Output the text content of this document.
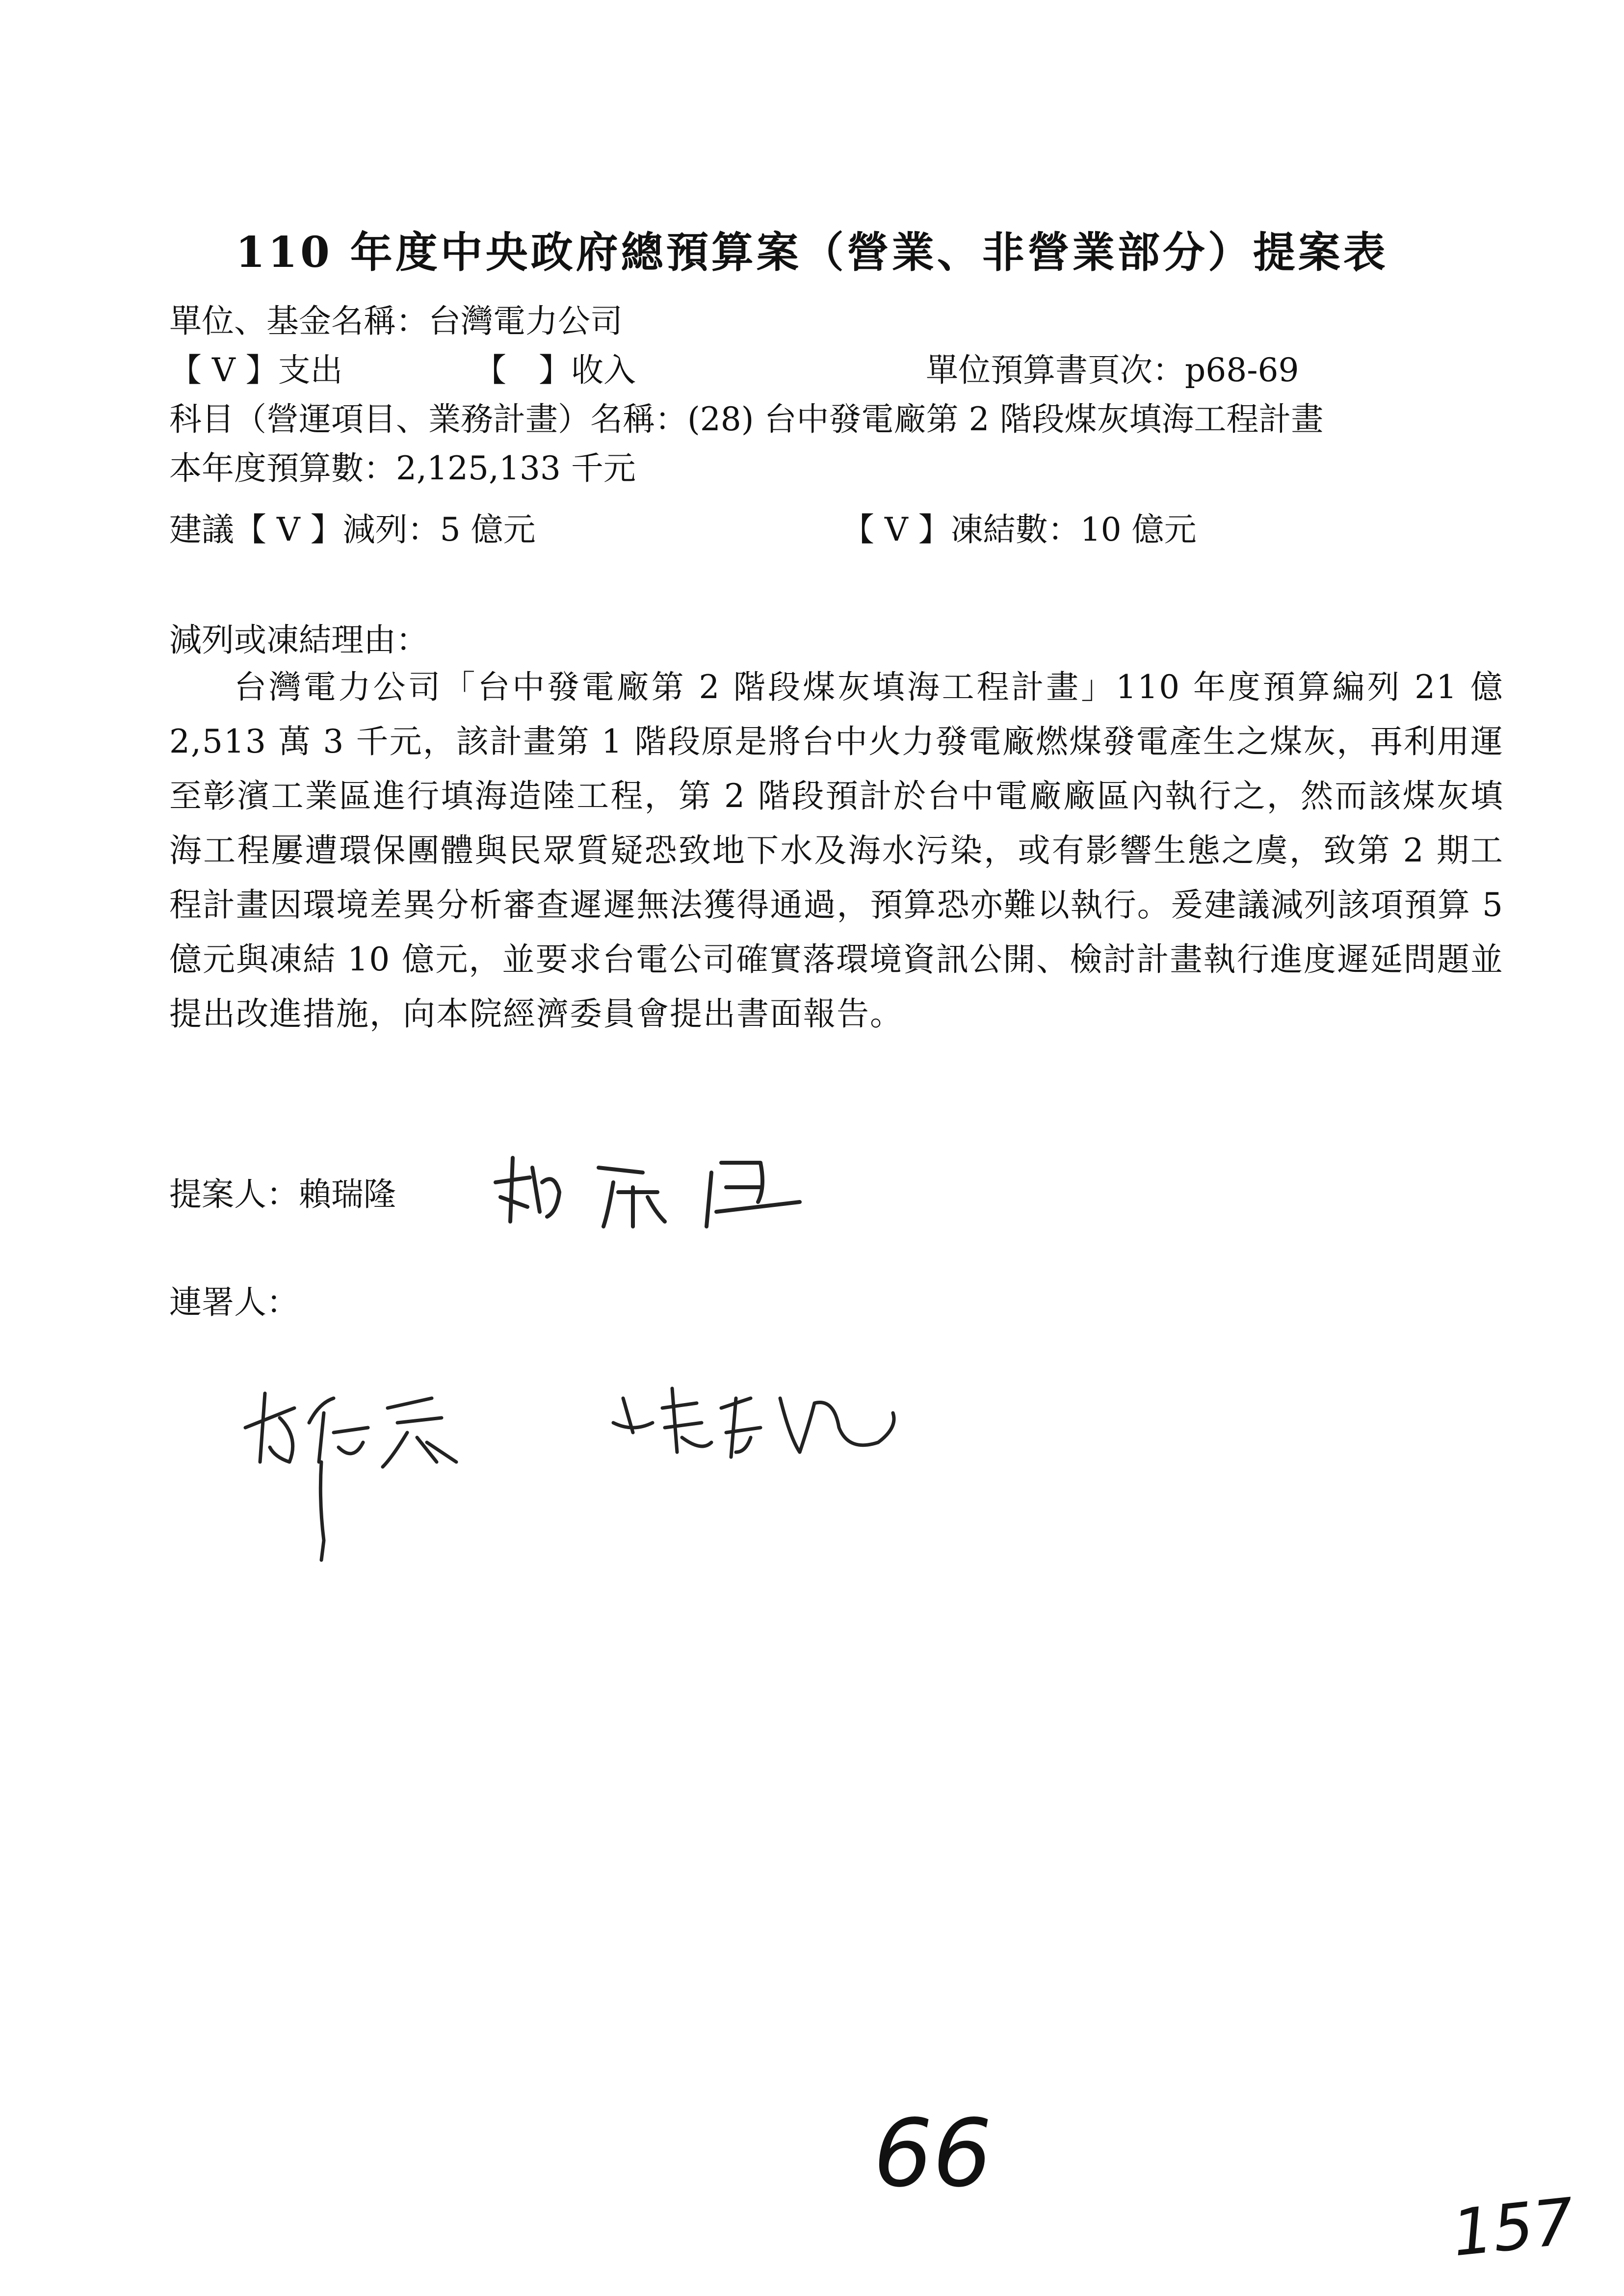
110 年度中央政府總預算案（營業、非營業部分）提案表
單位、基金名稱：台灣電力公司
【 V 】支出	【　】收入	單位預算書頁次：p68-69
科目（營運項目、業務計畫）名稱：(28) 台中發電廠第 2 階段煤灰填海工程計畫
本年度預算數：2,125,133 千元
建議【 V 】減列：5 億元	【 V 】凍結數：10 億元
減列或凍結理由：
台灣電力公司「台中發電廠第 2 階段煤灰填海工程計畫」110 年度預算編列 21 億 2,513 萬 3 千元，該計畫第 1 階段原是將台中火力發電廠燃煤發電產生之煤灰，再利用運至彰濱工業區進行填海造陸工程，第 2 階段預計於台中電廠廠區內執行之，然而該煤灰填海工程屢遭環保團體與民眾質疑恐致地下水及海水污染，或有影響生態之虞，致第 2 期工程計畫因環境差異分析審查遲遲無法獲得通過，預算恐亦難以執行。爰建議減列該項預算 5 億元與凍結 10 億元，並要求台電公司確實落環境資訊公開、檢討計畫執行進度遲延問題並提出改進措施，向本院經濟委員會提出書面報告。
提案人：賴瑞隆
連署人：
66
157
